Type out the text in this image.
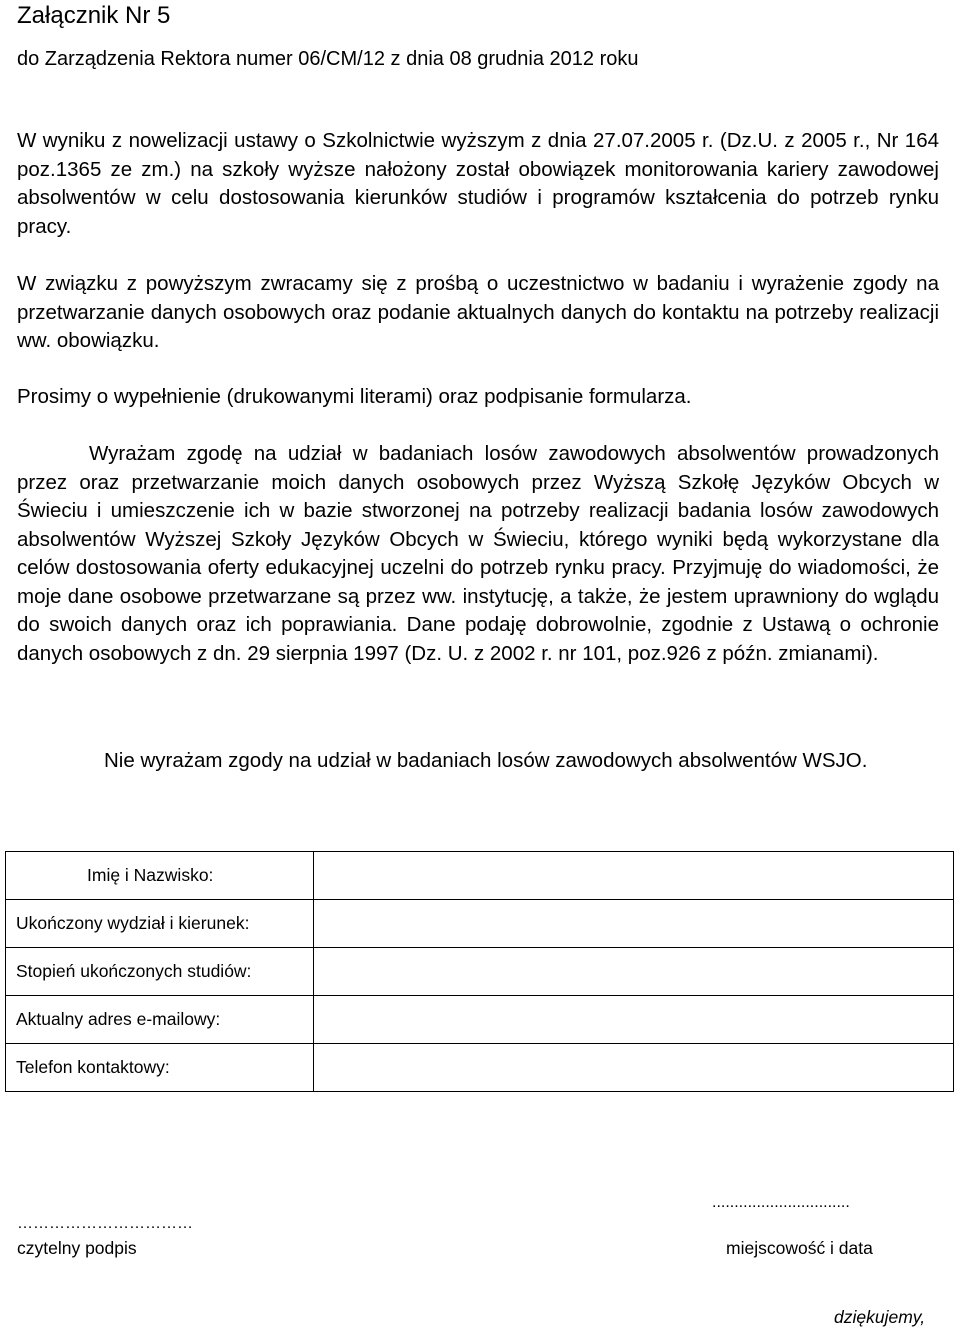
Załącznik Nr 5
do Zarządzenia Rektora numer 06/CM/12 z dnia 08 grudnia 2012 roku

W wyniku z nowelizacji ustawy o Szkolnictwie wyższym z dnia 27.07.2005 r. (Dz.U. z 2005 r., Nr 164 poz.1365 ze zm.) na szkoły wyższe nałożony został obowiązek monitorowania kariery zawodowej absolwentów w celu dostosowania kierunków studiów i programów kształcenia do potrzeb rynku pracy.

W związku z powyższym zwracamy się z prośbą o uczestnictwo w badaniu i wyrażenie zgody na przetwarzanie danych osobowych oraz podanie aktualnych danych do kontaktu na potrzeby realizacji ww. obowiązku.

Prosimy o wypełnienie (drukowanymi literami) oraz podpisanie formularza.

Wyrażam zgodę na udział w badaniach losów zawodowych absolwentów prowadzonych przez oraz przetwarzanie moich danych osobowych przez Wyższą Szkołę Języków Obcych w Świeciu i umieszczenie ich w bazie stworzonej na potrzeby realizacji badania losów zawodowych absolwentów Wyższej Szkoły Języków Obcych w Świeciu, którego wyniki będą wykorzystane dla celów dostosowania oferty edukacyjnej uczelni do potrzeb rynku pracy. Przyjmuję do wiadomości, że moje dane osobowe przetwarzane są przez ww. instytucję, a także, że jestem uprawniony do wglądu do swoich danych oraz ich poprawiania. Dane podaję dobrowolnie, zgodnie z Ustawą o ochronie danych osobowych z dn. 29 sierpnia 1997 (Dz. U. z 2002 r. nr 101, poz.926 z późn. zmianami).

Nie wyrażam zgody na udział w badaniach losów zawodowych absolwentów WSJO.

Imię i Nazwisko:	
Ukończony wydział i kierunek:	
Stopień ukończonych studiów:	
Aktualny adres e-mailowy:	
Telefon kontaktowy:	
……………………………
czytelny podpis
...............................
miejscowość i data
dziękujemy,
